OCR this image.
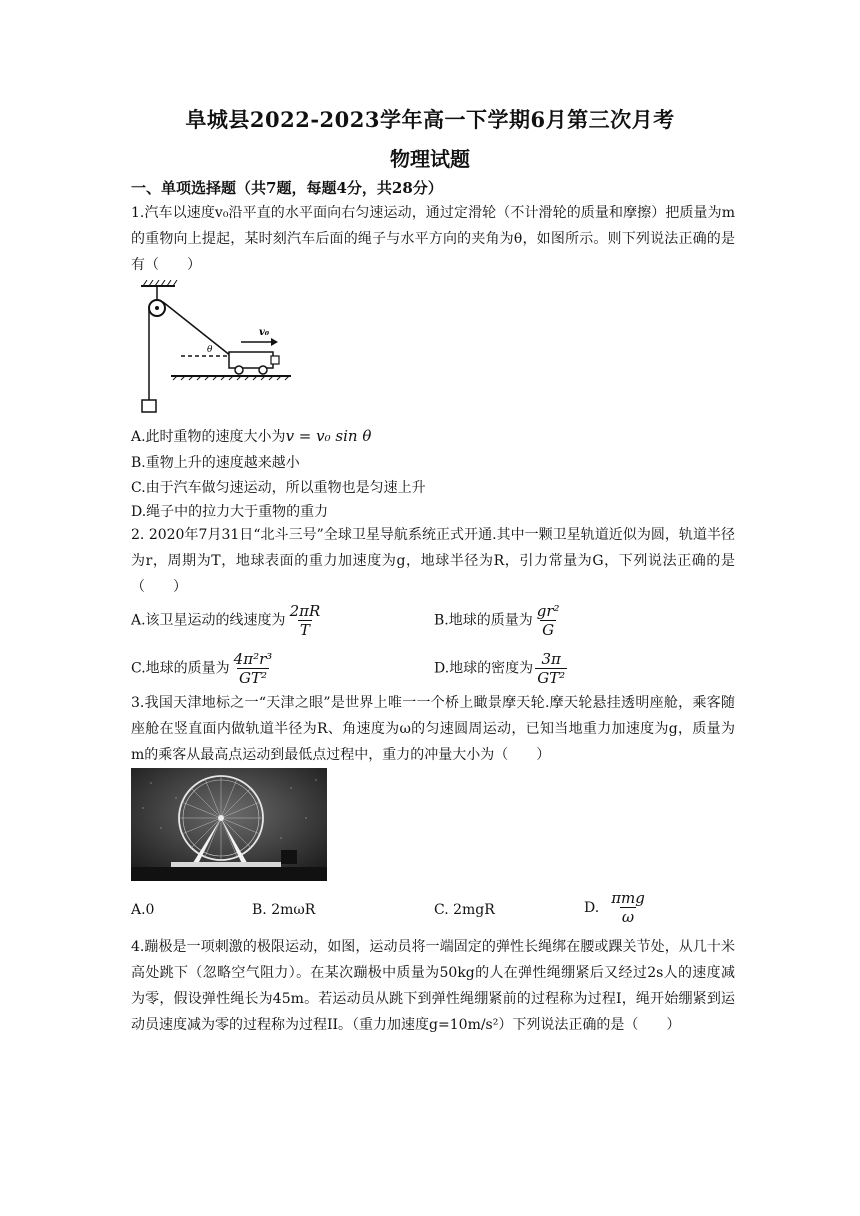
阜城县2022-2023学年高一下学期6月第三次月考
物理试题
一、单项选择题（共7题，每题4分，共28分）
1.汽车以速度v₀沿平直的水平面向右匀速运动，通过定滑轮（不计滑轮的质量和摩擦）把质量为m的重物向上提起，某时刻汽车后面的绳子与水平方向的夹角为θ，如图所示。则下列说法正确的是有（　　）
θ
v₀
A.此时重物的速度大小为v = v₀ sin θ
B.重物上升的速度越来越小
C.由于汽车做匀速运动，所以重物也是匀速上升
D.绳子中的拉力大于重物的重力
2. 2020年7月31日“北斗三号”全球卫星导航系统正式开通.其中一颗卫星轨道近似为圆，轨道半径为r，周期为T，地球表面的重力加速度为g，地球半径为R，引力常量为G，下列说法正确的是（　　）
A.该卫星运动的线速度为 $\frac{2\pi R}{T}$	B.地球的质量为 $\frac{\text{gr²}}{G}$
C.地球的质量为 $\frac{\text{4π²r³}}{\text{GT²}}$	D.地球的密度为 $\frac{3\pi}{\text{GT²}}$
3.我国天津地标之一“天津之眼”是世界上唯一一个桥上瞰景摩天轮.摩天轮悬挂透明座舱，乘客随座舱在竖直面内做轨道半径为R、角速度为ω的匀速圆周运动，已知当地重力加速度为g，质量为m的乘客从最高点运动到最低点过程中，重力的冲量大小为（　　）
A.0	B. 2mωR	C. 2mgR	D. $\frac{\text{πmg}}{\omega}$
4.蹦极是一项刺激的极限运动，如图，运动员将一端固定的弹性长绳绑在腰或踝关节处，从几十米高处跳下（忽略空气阻力）。在某次蹦极中质量为50kg的人在弹性绳绷紧后又经过2s人的速度减为零，假设弹性绳长为45m。若运动员从跳下到弹性绳绷紧前的过程称为过程I，绳开始绷紧到运动员速度减为零的过程称为过程II。（重力加速度g=10m/s²）下列说法正确的是（　　）
